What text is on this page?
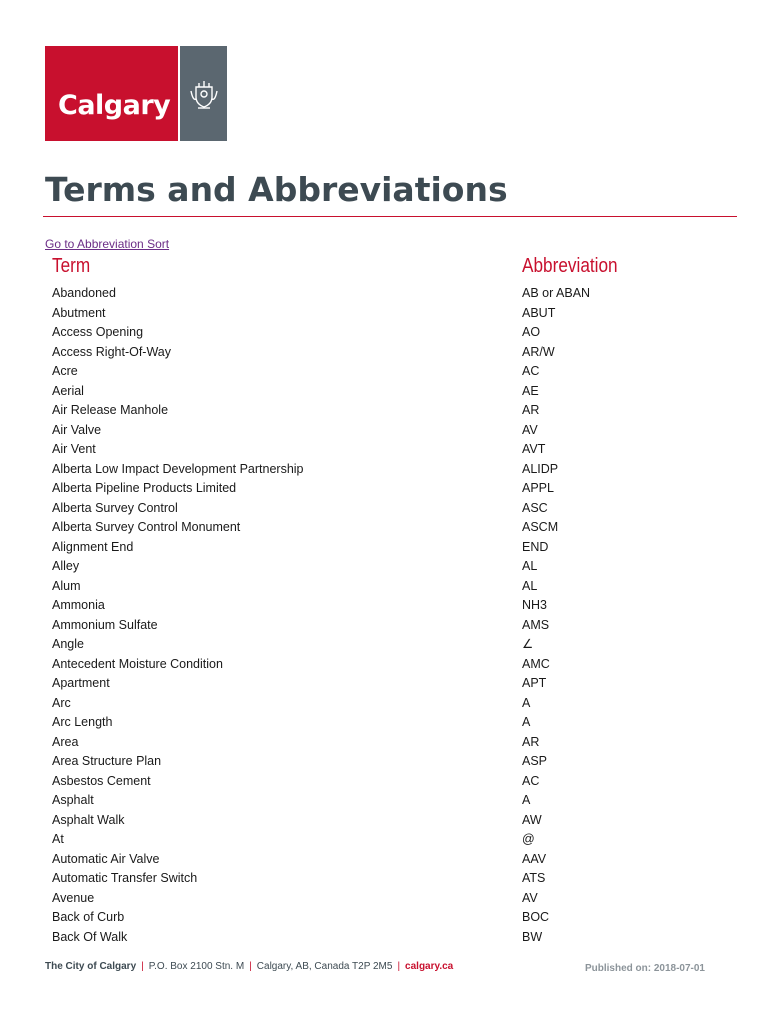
Calgary
Terms and Abbreviations
Go to Abbreviation Sort
Term	Abbreviation
Abandoned	AB or ABAN
Abutment	ABUT
Access Opening	AO
Access Right-Of-Way	AR/W
Acre	AC
Aerial	AE
Air Release Manhole	AR
Air Valve	AV
Air Vent	AVT
Alberta Low Impact Development Partnership	ALIDP
Alberta Pipeline Products Limited	APPL
Alberta Survey Control	ASC
Alberta Survey Control Monument	ASCM
Alignment End	END
Alley	AL
Alum	AL
Ammonia	NH3
Ammonium Sulfate	AMS
Angle	∠
Antecedent Moisture Condition	AMC
Apartment	APT
Arc	A
Arc Length	A
Area	AR
Area Structure Plan	ASP
Asbestos Cement	AC
Asphalt	A
Asphalt Walk	AW
At	@
Automatic Air Valve	AAV
Automatic Transfer Switch	ATS
Avenue	AV
Back of Curb	BOC
Back Of Walk	BW
The City of Calgary | P.O. Box 2100 Stn. M | Calgary, AB, Canada T2P 2M5 | calgary.ca	Published on: 2018-07-01
